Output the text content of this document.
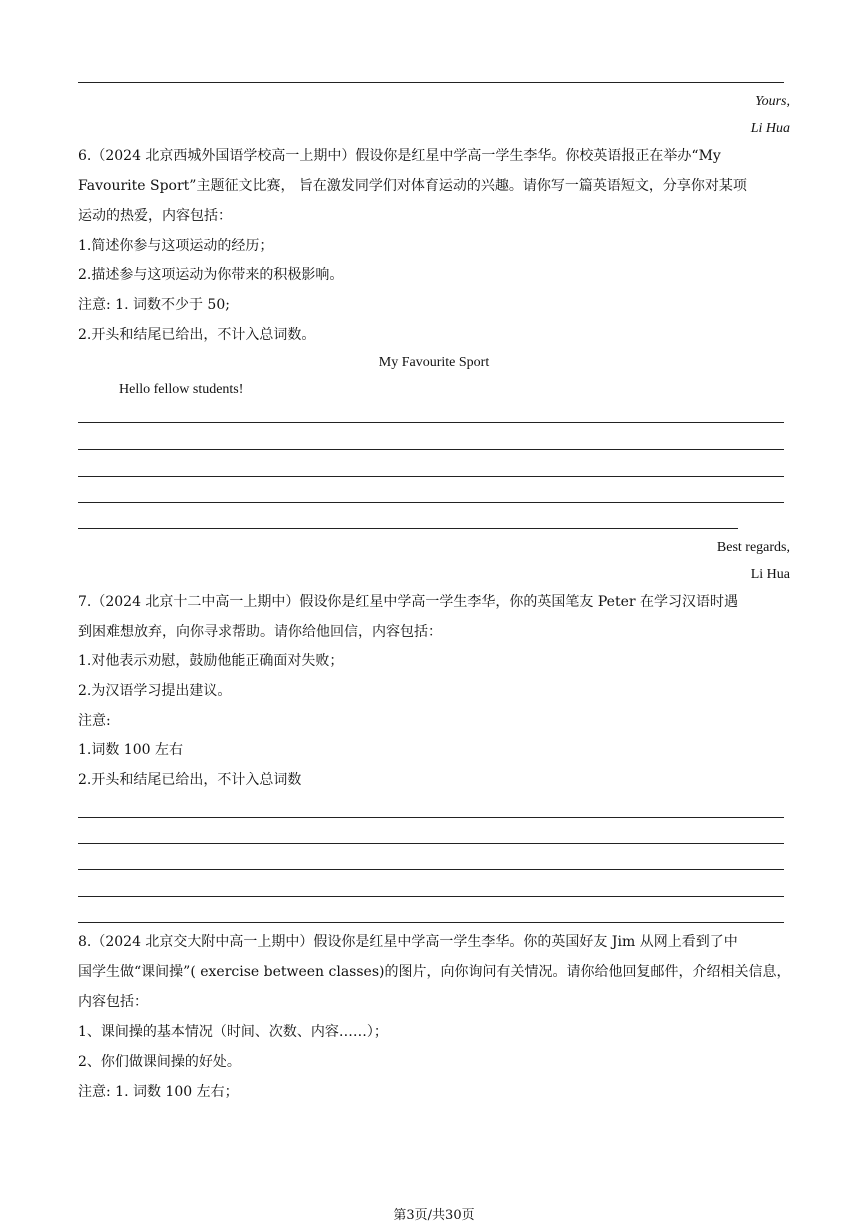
Yours,
Li Hua
6.（2024 北京西城外国语学校高一上期中）假设你是红星中学高一学生李华。你校英语报正在举办“My
Favourite Sport”主题征文比赛， 旨在激发同学们对体育运动的兴趣。请你写一篇英语短文，分享你对某项
运动的热爱，内容包括：
1.简述你参与这项运动的经历；
2.描述参与这项运动为你带来的积极影响。
注意: 1. 词数不少于 50;
2.开头和结尾已给出，不计入总词数。
My Favourite Sport
Hello fellow students!
Best regards,
Li Hua
7.（2024 北京十二中高一上期中）假设你是红星中学高一学生李华，你的英国笔友 Peter 在学习汉语时遇
到困难想放弃，向你寻求帮助。请你给他回信，内容包括：
1.对他表示劝慰，鼓励他能正确面对失败；
2.为汉语学习提出建议。
注意:
1.词数 100 左右
2.开头和结尾已给出，不计入总词数
8.（2024 北京交大附中高一上期中）假设你是红星中学高一学生李华。你的英国好友 Jim 从网上看到了中
国学生做“课间操”( exercise between classes)的图片，向你询问有关情况。请你给他回复邮件，介绍相关信息，
内容包括：
1、课间操的基本情况（时间、次数、内容……）；
2、你们做课间操的好处。
注意: 1. 词数 100 左右；
第3页/共30页
